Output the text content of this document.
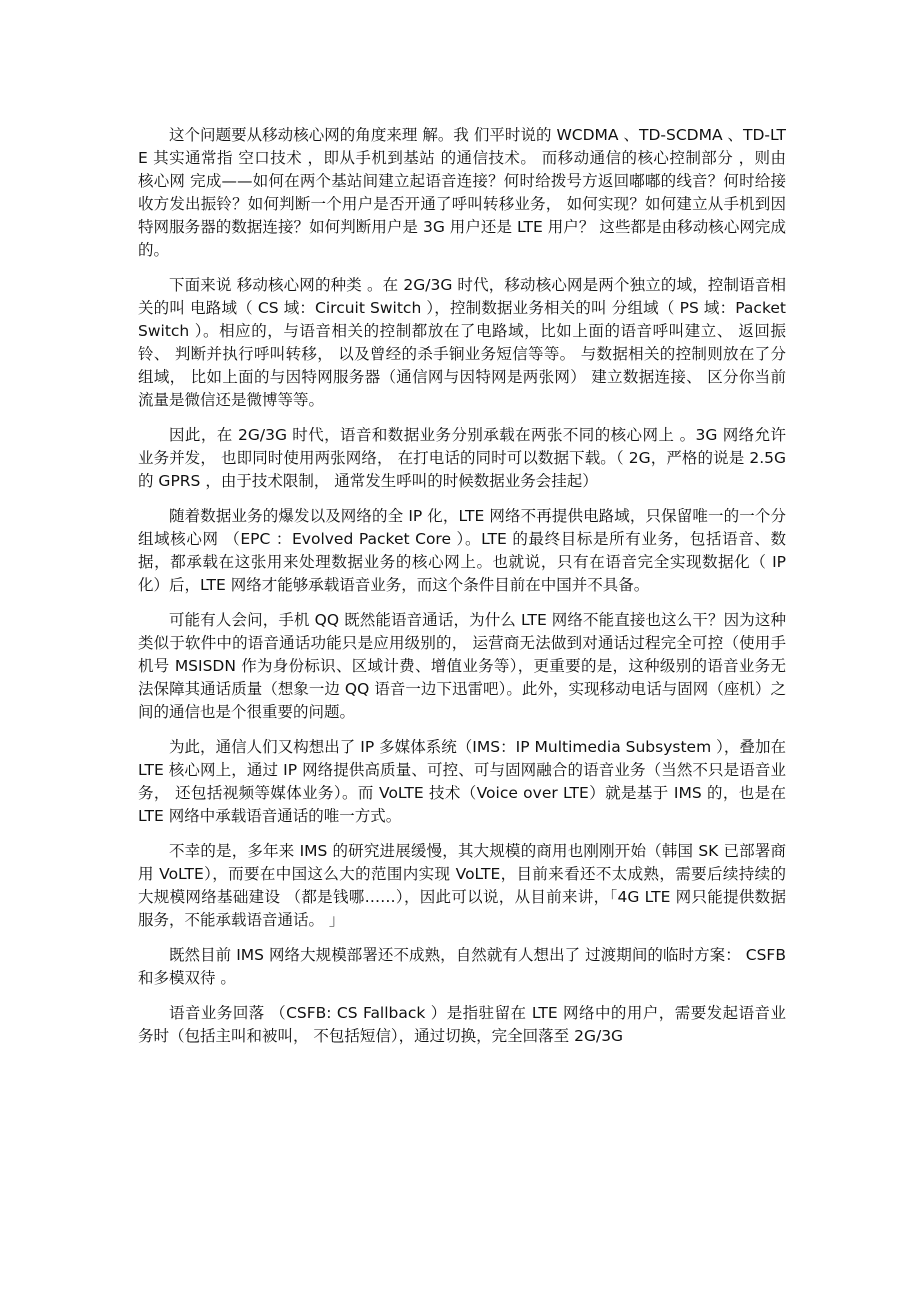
这个问题要从移动核心网的角度来理 解。我 们平时说的 WCDMA 、TD-SCDMA 、TD-LTE 其实通常指 空口技术 ，即从手机到基站 的通信技术。 而移动通信的核心控制部分 ，则由 核心网 完成——如何在两个基站间建立起语音连接？何时给拨号方返回嘟嘟的线音？何时给接收方发出振铃？如何判断一个用户是否开通了呼叫转移业务， 如何实现？如何建立从手机到因特网服务器的数据连接？如何判断用户是 3G 用户还是 LTE 用户？ 这些都是由移动核心网完成的。

下面来说 移动核心网的种类 。在 2G/3G 时代，移动核心网是两个独立的域，控制语音相关的叫 电路域（ CS 域：Circuit Switch ），控制数据业务相关的叫 分组域（ PS 域：Packet Switch ）。相应的，与语音相关的控制都放在了电路域，比如上面的语音呼叫建立、 返回振铃、 判断并执行呼叫转移， 以及曾经的杀手锏业务短信等等。 与数据相关的控制则放在了分组域， 比如上面的与因特网服务器（通信网与因特网是两张网） 建立数据连接、 区分你当前流量是微信还是微博等等。

因此，在 2G/3G 时代，语音和数据业务分别承载在两张不同的核心网上 。3G 网络允许业务并发， 也即同时使用两张网络， 在打电话的同时可以数据下载。（ 2G，严格的说是 2.5G 的 GPRS ，由于技术限制， 通常发生呼叫的时候数据业务会挂起）

随着数据业务的爆发以及网络的全 IP 化，LTE 网络不再提供电路域，只保留唯一的一个分组域核心网 （EPC ：Evolved Packet Core ）。LTE 的最终目标是所有业务，包括语音、数据，都承载在这张用来处理数据业务的核心网上。也就说，只有在语音完全实现数据化（ IP 化）后，LTE 网络才能够承载语音业务，而这个条件目前在中国并不具备。

可能有人会问，手机 QQ 既然能语音通话，为什么 LTE 网络不能直接也这么干？因为这种类似于软件中的语音通话功能只是应用级别的， 运营商无法做到对通话过程完全可控（使用手机号 MSISDN 作为身份标识、区域计费、增值业务等），更重要的是，这种级别的语音业务无法保障其通话质量（想象一边 QQ 语音一边下迅雷吧）。此外，实现移动电话与固网（座机）之间的通信也是个很重要的问题。

为此，通信人们又构想出了 IP 多媒体系统（IMS：IP Multimedia Subsystem ），叠加在 LTE 核心网上，通过 IP 网络提供高质量、可控、可与固网融合的语音业务（当然不只是语音业务， 还包括视频等媒体业务）。而 VoLTE 技术（Voice over LTE）就是基于 IMS 的，也是在 LTE 网络中承载语音通话的唯一方式。

不幸的是，多年来 IMS 的研究进展缓慢，其大规模的商用也刚刚开始（韩国 SK 已部署商用 VoLTE），而要在中国这么大的范围内实现 VoLTE，目前来看还不太成熟，需要后续持续的大规模网络基础建设 （都是钱哪……），因此可以说，从目前来讲，「4G LTE 网只能提供数据服务，不能承载语音通话。 」

既然目前 IMS 网络大规模部署还不成熟，自然就有人想出了 过渡期间的临时方案： CSFB 和多模双待 。

语音业务回落 （CSFB: CS Fallback ）是指驻留在 LTE 网络中的用户，需要发起语音业务时（包括主叫和被叫， 不包括短信），通过切换，完全回落至 2G/3G
